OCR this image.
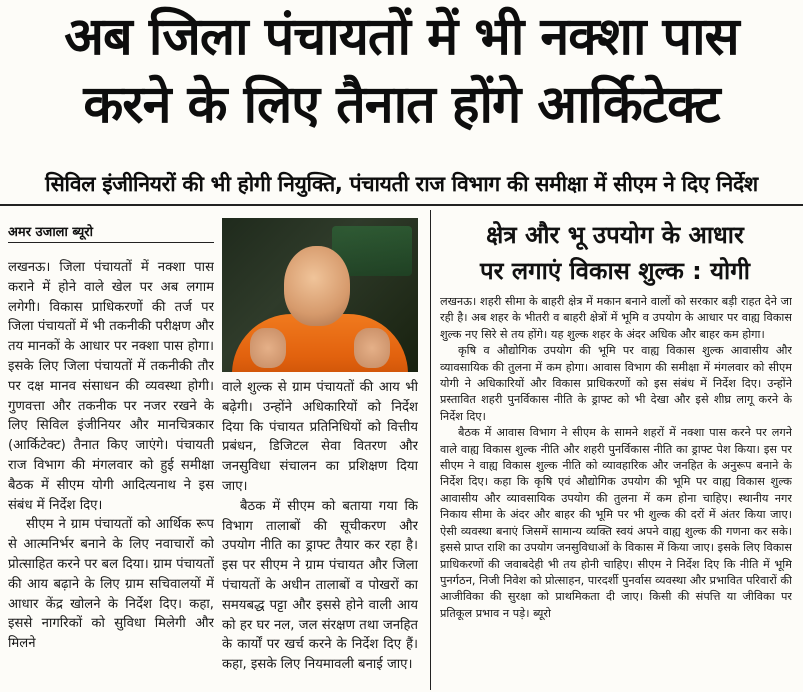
अब जिला पंचायतों में भी नक्शा पास
करने के लिए तैनात होंगे आर्किटेक्ट
सिविल इंजीनियरों की भी होगी नियुक्ति, पंचायती राज विभाग की समीक्षा में सीएम ने दिए निर्देश
अमर उजाला ब्यूरो

लखनऊ। जिला पंचायतों में नक्शा पास कराने में होने वाले खेल पर अब लगाम लगेगी। विकास प्राधिकरणों की तर्ज पर जिला पंचायतों में भी तकनीकी परीक्षण और तय मानकों के आधार पर नक्शा पास होगा। इसके लिए जिला पंचायतों में तकनीकी तौर पर दक्ष मानव संसाधन की व्यवस्था होगी। गुणवत्ता और तकनीक पर नजर रखने के लिए सिविल इंजीनियर और मानचित्रकार (आर्किटेक्ट) तैनात किए जाएंगे। पंचायती राज विभाग की मंगलवार को हुई समीक्षा बैठक में सीएम योगी आदित्यनाथ ने इस संबंध में निर्देश दिए।

सीएम ने ग्राम पंचायतों को आर्थिक रूप से आत्मनिर्भर बनाने के लिए नवाचारों को प्रोत्साहित करने पर बल दिया। ग्राम पंचायतों की आय बढ़ाने के लिए ग्राम सचिवालयों में आधार केंद्र खोलने के निर्देश दिए। कहा, इससे नागरिकों को सुविधा मिलेगी और मिलने

वाले शुल्क से ग्राम पंचायतों की आय भी बढ़ेगी। उन्होंने अधिकारियों को निर्देश दिया कि पंचायत प्रतिनिधियों को वित्तीय प्रबंधन, डिजिटल सेवा वितरण और जनसुविधा संचालन का प्रशिक्षण दिया जाए।

बैठक में सीएम को बताया गया कि विभाग तालाबों की सूचीकरण और उपयोग नीति का ड्राफ्ट तैयार कर रहा है। इस पर सीएम ने ग्राम पंचायत और जिला पंचायतों के अधीन तालाबों व पोखरों का समयबद्ध पट्टा और इससे होने वाली आय को हर घर नल, जल संरक्षण तथा जनहित के कार्यों पर खर्च करने के निर्देश दिए हैं। कहा, इसके लिए नियमावली बनाई जाए।

क्षेत्र और भू उपयोग के आधार
पर लगाएं विकास शुल्क : योगी

लखनऊ। शहरी सीमा के बाहरी क्षेत्र में मकान बनाने वालों को सरकार बड़ी राहत देने जा रही है। अब शहर के भीतरी व बाहरी क्षेत्रों में भूमि व उपयोग के आधार पर वाह्य विकास शुल्क नए सिरे से तय होंगे। यह शुल्क शहर के अंदर अधिक और बाहर कम होगा।

कृषि व औद्योगिक उपयोग की भूमि पर वाह्य विकास शुल्क आवासीय और व्यावसायिक की तुलना में कम होगा। आवास विभाग की समीक्षा में मंगलवार को सीएम योगी ने अधिकारियों और विकास प्राधिकरणों को इस संबंध में निर्देश दिए। उन्होंने प्रस्तावित शहरी पुनर्विकास नीति के ड्राफ्ट को भी देखा और इसे शीघ्र लागू करने के निर्देश दिए।

बैठक में आवास विभाग ने सीएम के सामने शहरों में नक्शा पास करने पर लगने वाले वाह्य विकास शुल्क नीति और शहरी पुनर्विकास नीति का ड्राफ्ट पेश किया। इस पर सीएम ने वाह्य विकास शुल्क नीति को व्यावहारिक और जनहित के अनुरूप बनाने के निर्देश दिए। कहा कि कृषि एवं औद्योगिक उपयोग की भूमि पर वाह्य विकास शुल्क आवासीय और व्यावसायिक उपयोग की तुलना में कम होना चाहिए। स्थानीय नगर निकाय सीमा के अंदर और बाहर की भूमि पर भी शुल्क की दरों में अंतर किया जाए। ऐसी व्यवस्था बनाएं जिसमें सामान्य व्यक्ति स्वयं अपने वाह्य शुल्क की गणना कर सके। इससे प्राप्त राशि का उपयोग जनसुविधाओं के विकास में किया जाए। इसके लिए विकास प्राधिकरणों की जवाबदेही भी तय होनी चाहिए। सीएम ने निर्देश दिए कि नीति में भूमि पुनर्गठन, निजी निवेश को प्रोत्साहन, पारदर्शी पुनर्वास व्यवस्था और प्रभावित परिवारों की आजीविका की सुरक्षा को प्राथमिकता दी जाए। किसी की संपत्ति या जीविका पर प्रतिकूल प्रभाव न पड़े। ब्यूरो
